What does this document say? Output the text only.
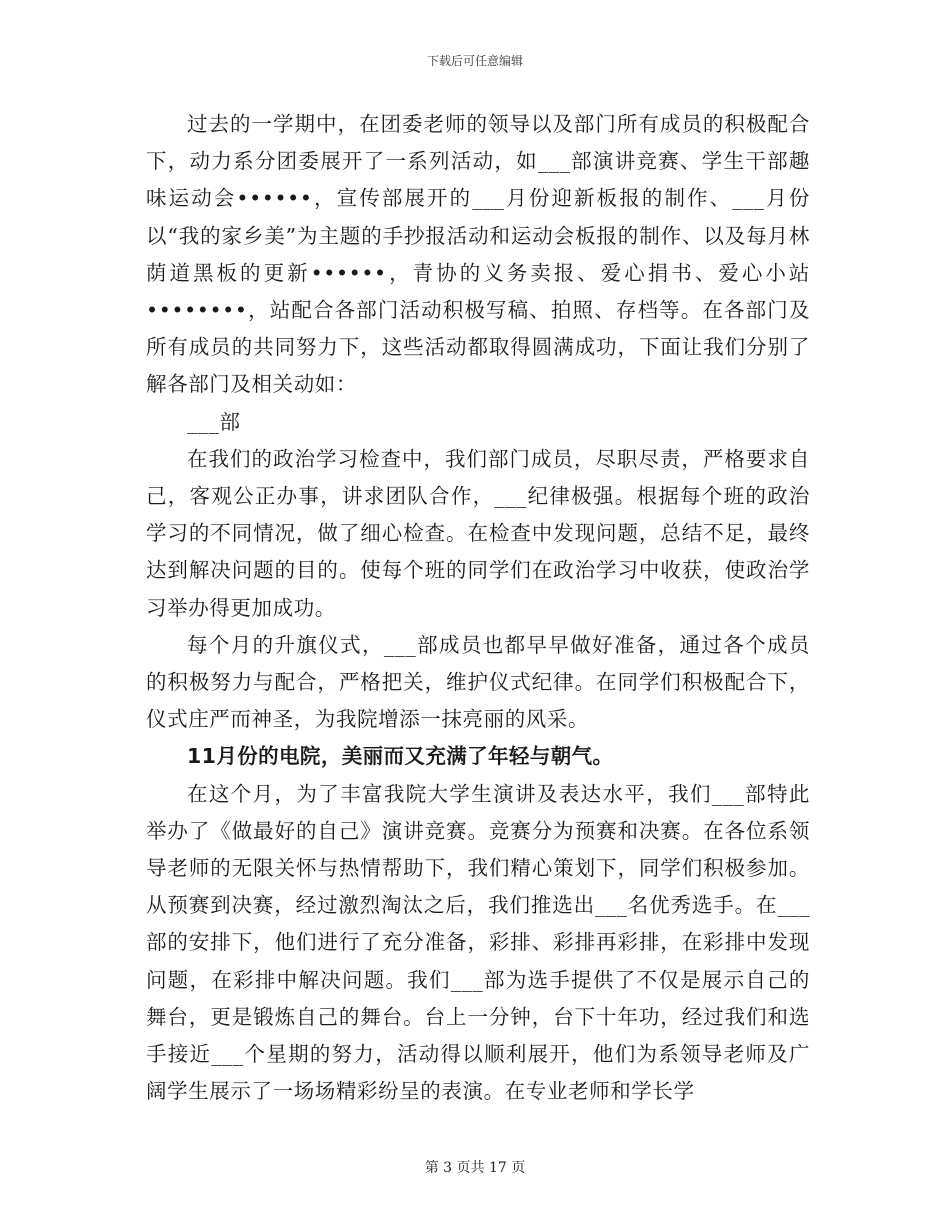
下载后可任意编辑

过去的一学期中，在团委老师的领导以及部门所有成员的积极配合下，动力系分团委展开了一系列活动，如___部演讲竞赛、学生干部趣味运动会••••••，宣传部展开的___月份迎新板报的制作、___月份以“我的家乡美”为主题的手抄报活动和运动会板报的制作、以及每月林荫道黑板的更新••••••，青协的义务卖报、爱心捐书、爱心小站••••••••，站配合各部门活动积极写稿、拍照、存档等。在各部门及所有成员的共同努力下，这些活动都取得圆满成功，下面让我们分别了解各部门及相关动如：

___部

在我们的政治学习检查中，我们部门成员，尽职尽责，严格要求自己，客观公正办事，讲求团队合作，___纪律极强。根据每个班的政治学习的不同情况，做了细心检查。在检查中发现问题，总结不足，最终达到解决问题的目的。使每个班的同学们在政治学习中收获，使政治学习举办得更加成功。

每个月的升旗仪式，___部成员也都早早做好准备，通过各个成员的积极努力与配合，严格把关，维护仪式纪律。在同学们积极配合下，仪式庄严而神圣，为我院增添一抹亮丽的风采。

11月份的电院，美丽而又充满了年轻与朝气。

在这个月，为了丰富我院大学生演讲及表达水平，我们___部特此举办了《做最好的自己》演讲竞赛。竞赛分为预赛和决赛。在各位系领导老师的无限关怀与热情帮助下，我们精心策划下，同学们积极参加。从预赛到决赛，经过激烈淘汰之后，我们推选出___名优秀选手。在___部的安排下，他们进行了充分准备，彩排、彩排再彩排，在彩排中发现问题，在彩排中解决问题。我们___部为选手提供了不仅是展示自己的舞台，更是锻炼自己的舞台。台上一分钟，台下十年功，经过我们和选手接近___个星期的努力，活动得以顺利展开，他们为系领导老师及广阔学生展示了一场场精彩纷呈的表演。在专业老师和学长学

第 3 页共 17 页
